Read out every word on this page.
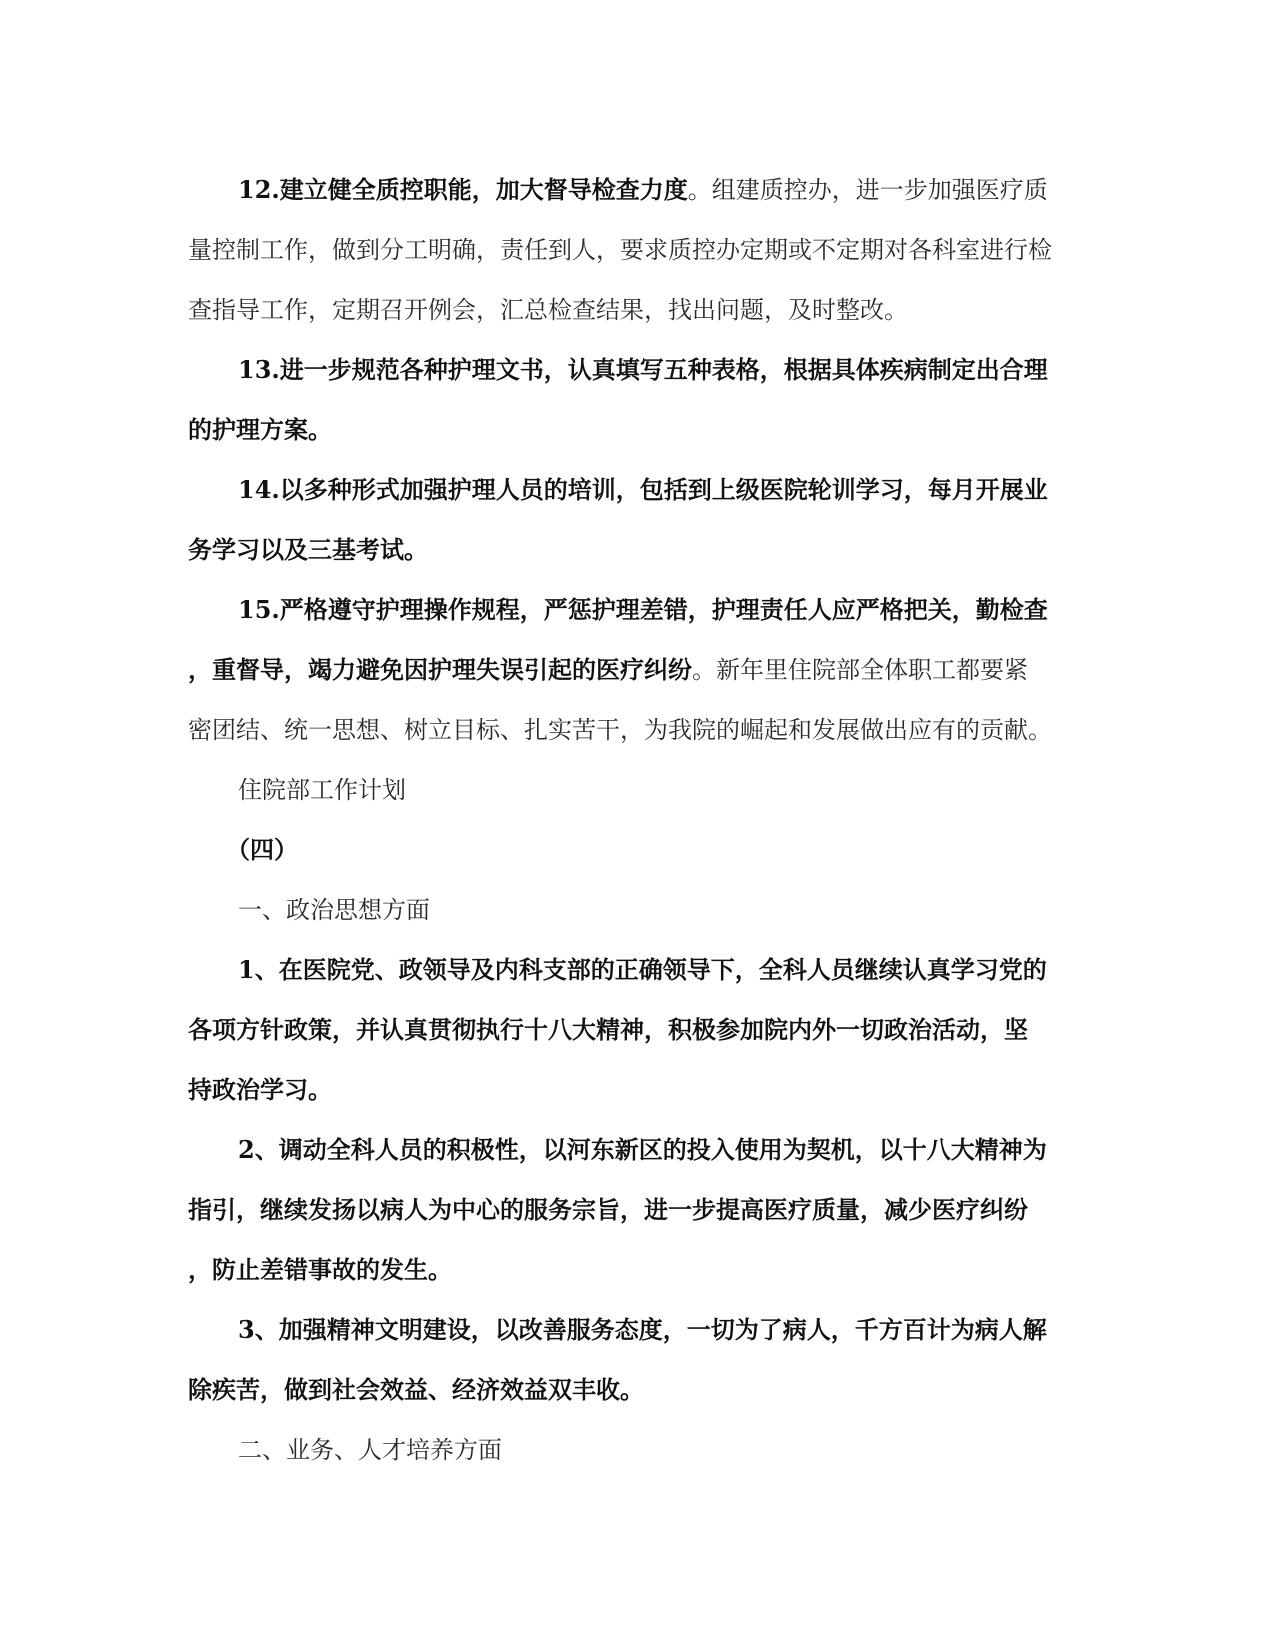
12.建立健全质控职能，加大督导检查力度。组建质控办，进一步加强医疗质
量控制工作，做到分工明确，责任到人，要求质控办定期或不定期对各科室进行检
查指导工作，定期召开例会，汇总检查结果，找出问题，及时整改。
13.进一步规范各种护理文书，认真填写五种表格，根据具体疾病制定出合理
的护理方案。
14.以多种形式加强护理人员的培训，包括到上级医院轮训学习，每月开展业
务学习以及三基考试。
15.严格遵守护理操作规程，严惩护理差错，护理责任人应严格把关，勤检查
，重督导，竭力避免因护理失误引起的医疗纠纷。新年里住院部全体职工都要紧
密团结、统一思想、树立目标、扎实苦干，为我院的崛起和发展做出应有的贡献。
住院部工作计划
（四）
一、政治思想方面
1、在医院党、政领导及内科支部的正确领导下，全科人员继续认真学习党的
各项方针政策，并认真贯彻执行十八大精神，积极参加院内外一切政治活动，坚
持政治学习。
2、调动全科人员的积极性，以河东新区的投入使用为契机，以十八大精神为
指引，继续发扬以病人为中心的服务宗旨，进一步提高医疗质量，减少医疗纠纷
，防止差错事故的发生。
3、加强精神文明建设，以改善服务态度，一切为了病人，千方百计为病人解
除疾苦，做到社会效益、经济效益双丰收。
二、业务、人才培养方面
